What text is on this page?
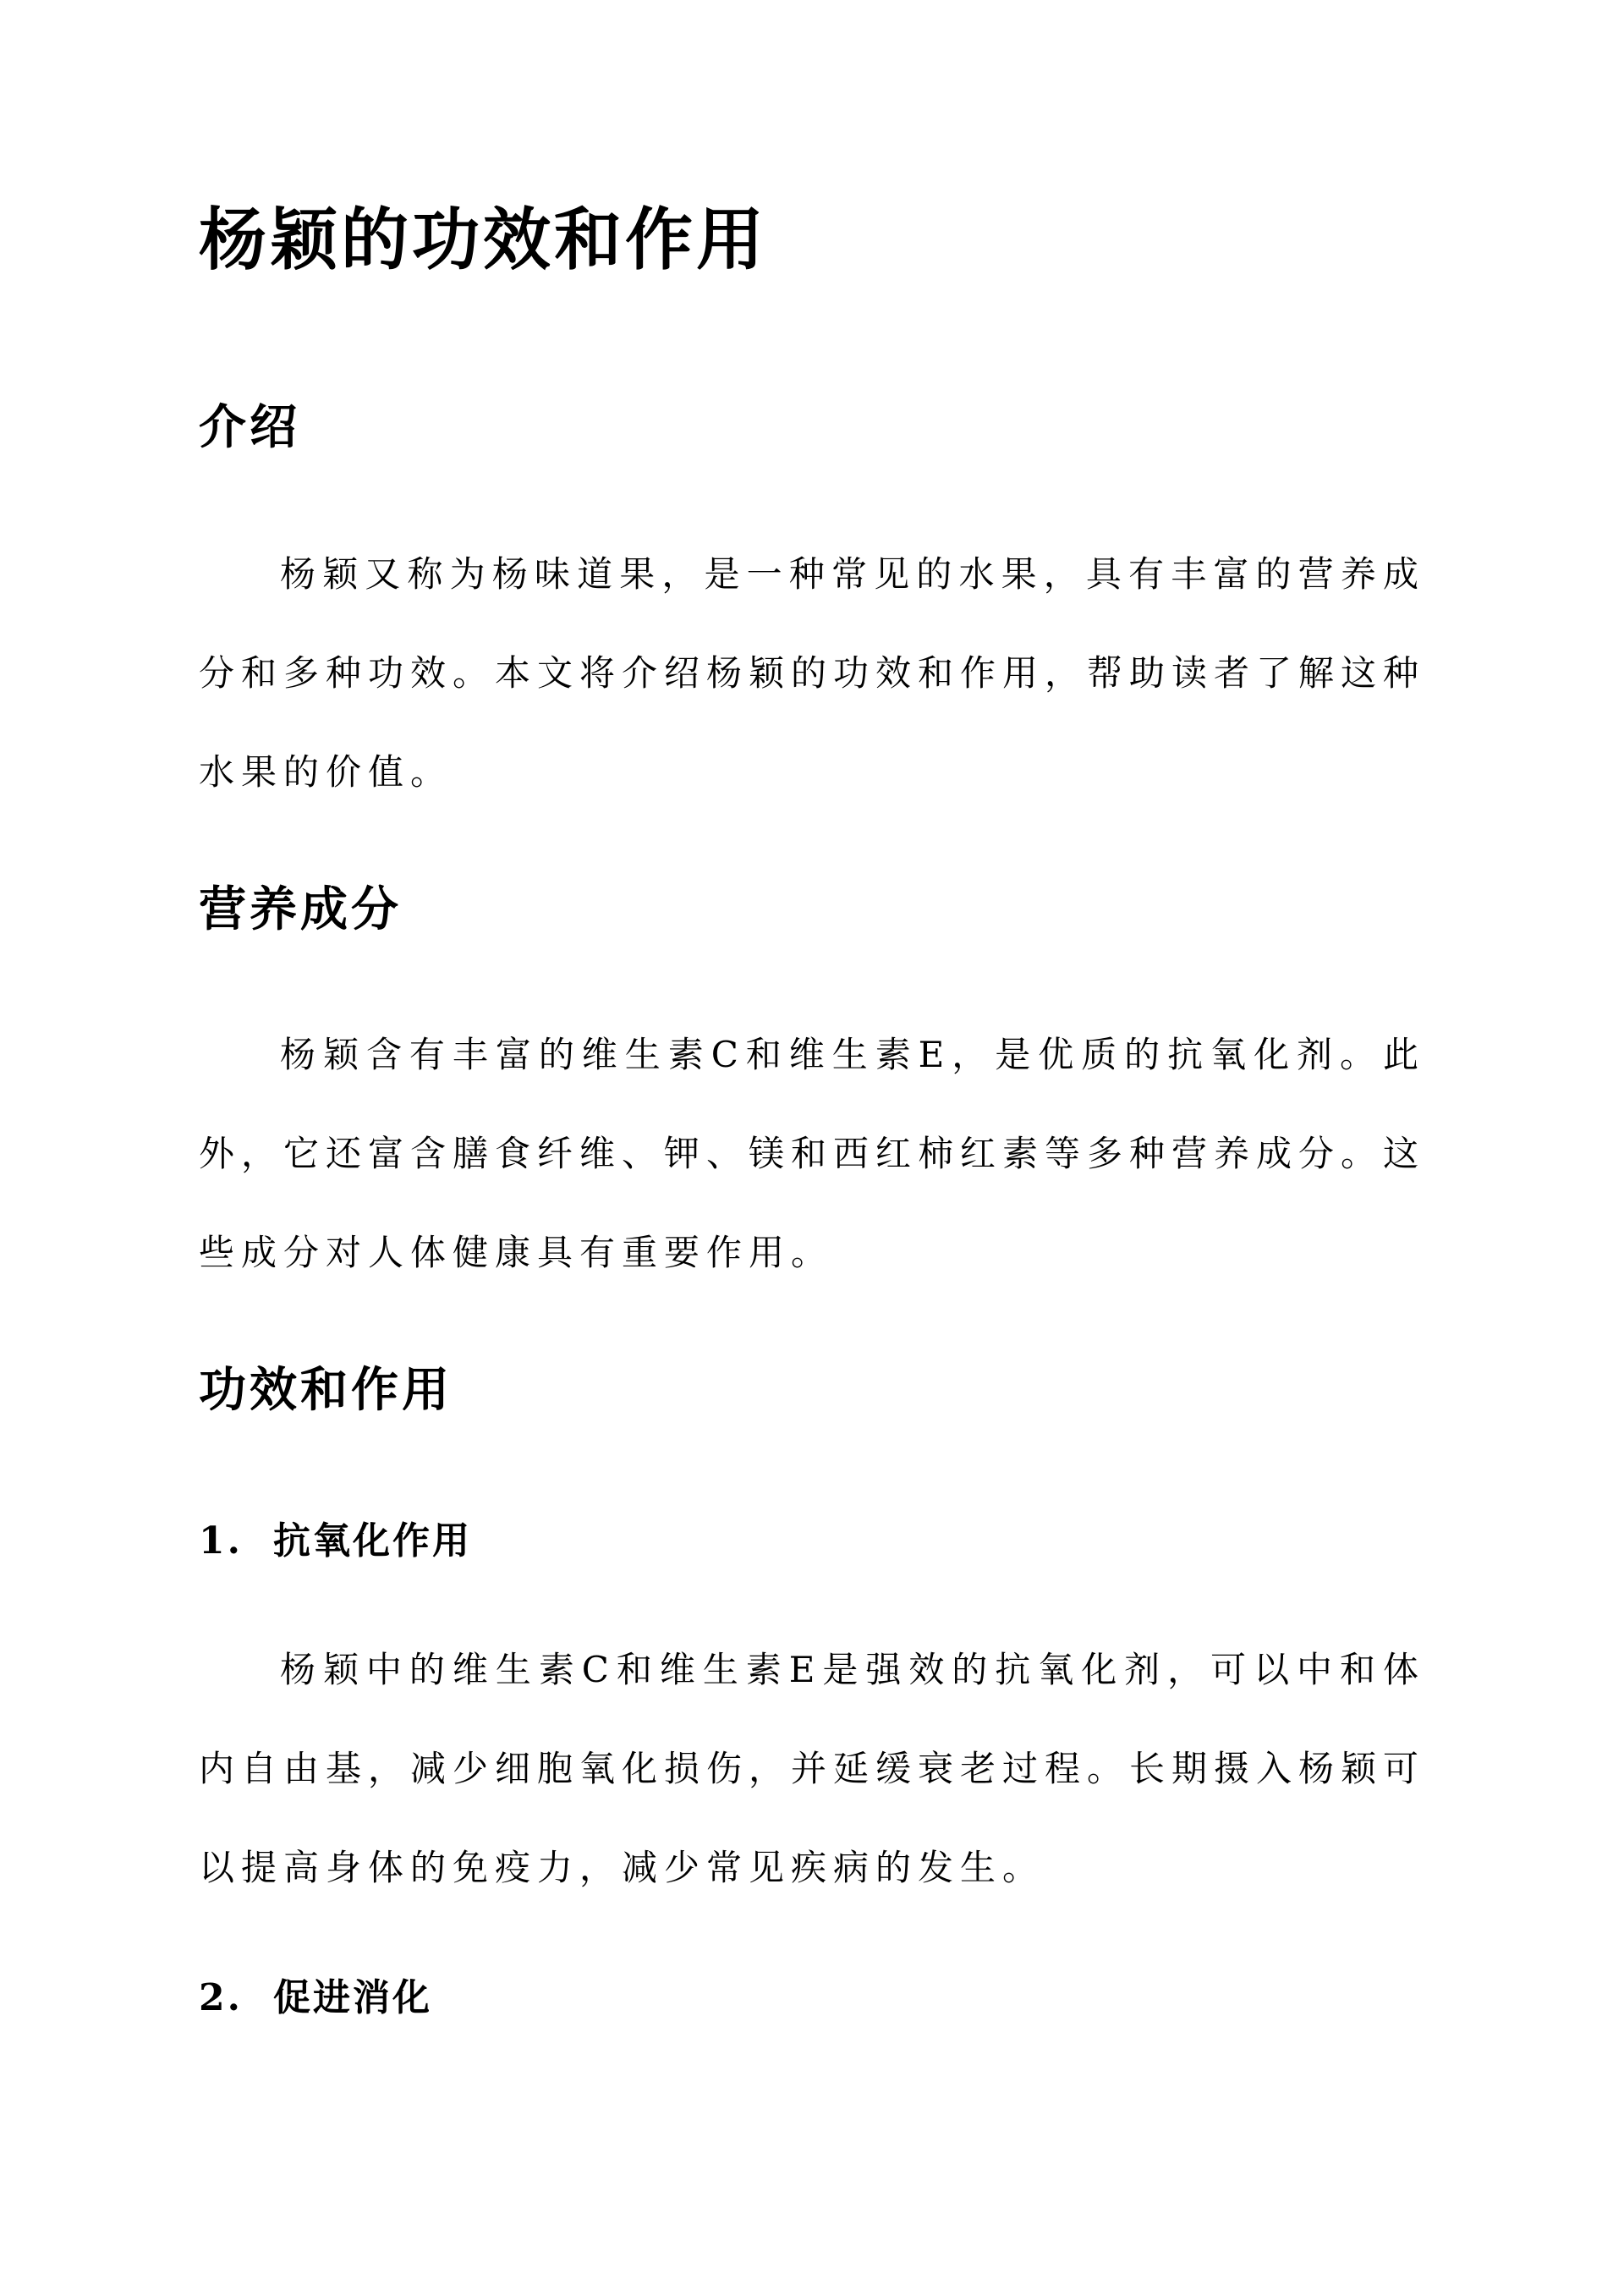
杨颖的功效和作用
介绍

杨颖又称为杨味道果，是一种常见的水果，具有丰富的营养成分和多种功效。本文将介绍杨颖的功效和作用，帮助读者了解这种水果的价值。

营养成分

杨颖含有丰富的维生素C和维生素E，是优质的抗氧化剂。此外，它还富含膳食纤维、钾、镁和西红柿红素等多种营养成分。这些成分对人体健康具有重要作用。

功效和作用
1. 抗氧化作用

杨颖中的维生素C和维生素E是强效的抗氧化剂，可以中和体内自由基，减少细胞氧化损伤，并延缓衰老过程。长期摄入杨颖可以提高身体的免疫力，减少常见疾病的发生。

2. 促进消化
